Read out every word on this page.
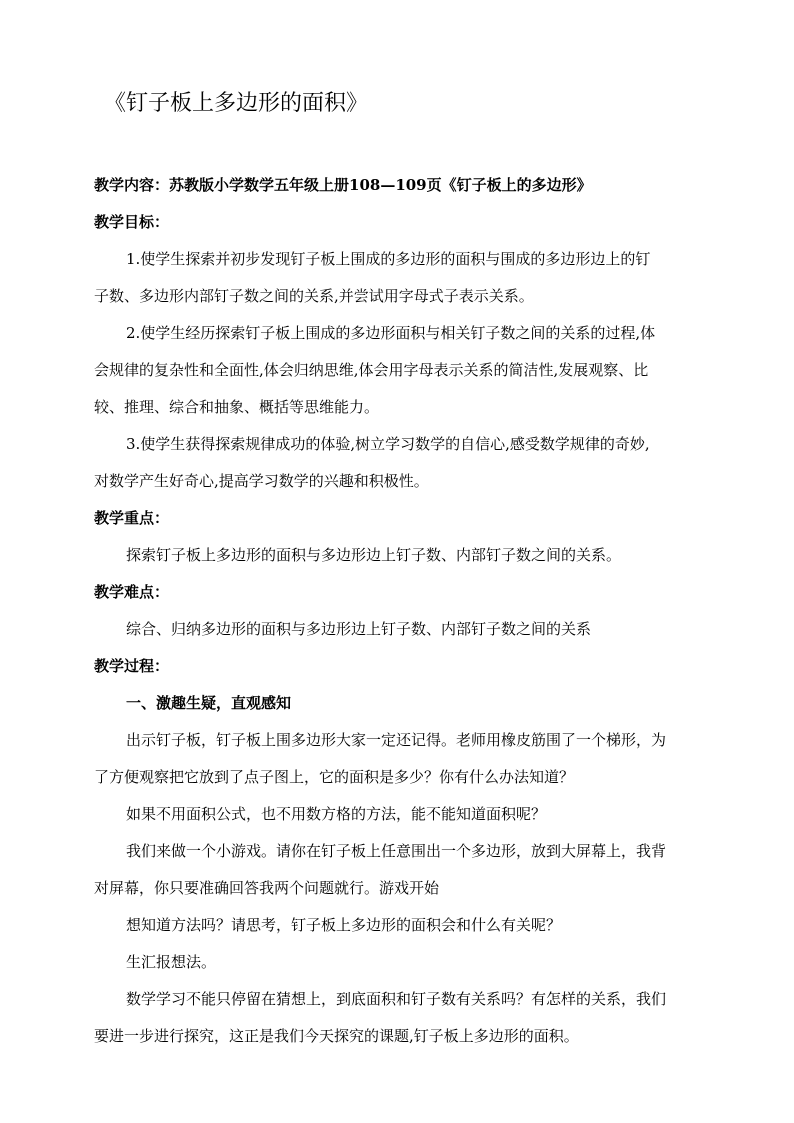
《钉子板上多边形的面积》
教学内容：苏教版小学数学五年级上册108—109页《钉子板上的多边形》
教学目标：
1.使学生探索并初步发现钉子板上围成的多边形的面积与围成的多边形边上的钉
子数、多边形内部钉子数之间的关系,并尝试用字母式子表示关系。
2.使学生经历探索钉子板上围成的多边形面积与相关钉子数之间的关系的过程,体
会规律的复杂性和全面性,体会归纳思维,体会用字母表示关系的简洁性,发展观察、比
较、推理、综合和抽象、概括等思维能力。
3.使学生获得探索规律成功的体验,树立学习数学的自信心,感受数学规律的奇妙,
对数学产生好奇心,提高学习数学的兴趣和积极性。
教学重点：
探索钉子板上多边形的面积与多边形边上钉子数、内部钉子数之间的关系。
教学难点：
综合、归纳多边形的面积与多边形边上钉子数、内部钉子数之间的关系
教学过程：
一、激趣生疑，直观感知
出示钉子板，钉子板上围多边形大家一定还记得。老师用橡皮筋围了一个梯形，为
了方便观察把它放到了点子图上，它的面积是多少？你有什么办法知道？
如果不用面积公式，也不用数方格的方法，能不能知道面积呢？
我们来做一个小游戏。请你在钉子板上任意围出一个多边形，放到大屏幕上，我背
对屏幕，你只要准确回答我两个问题就行。游戏开始
想知道方法吗？请思考，钉子板上多边形的面积会和什么有关呢？
生汇报想法。
数学学习不能只停留在猜想上，到底面积和钉子数有关系吗？有怎样的关系，我们
要进一步进行探究，这正是我们今天探究的课题,钉子板上多边形的面积。
